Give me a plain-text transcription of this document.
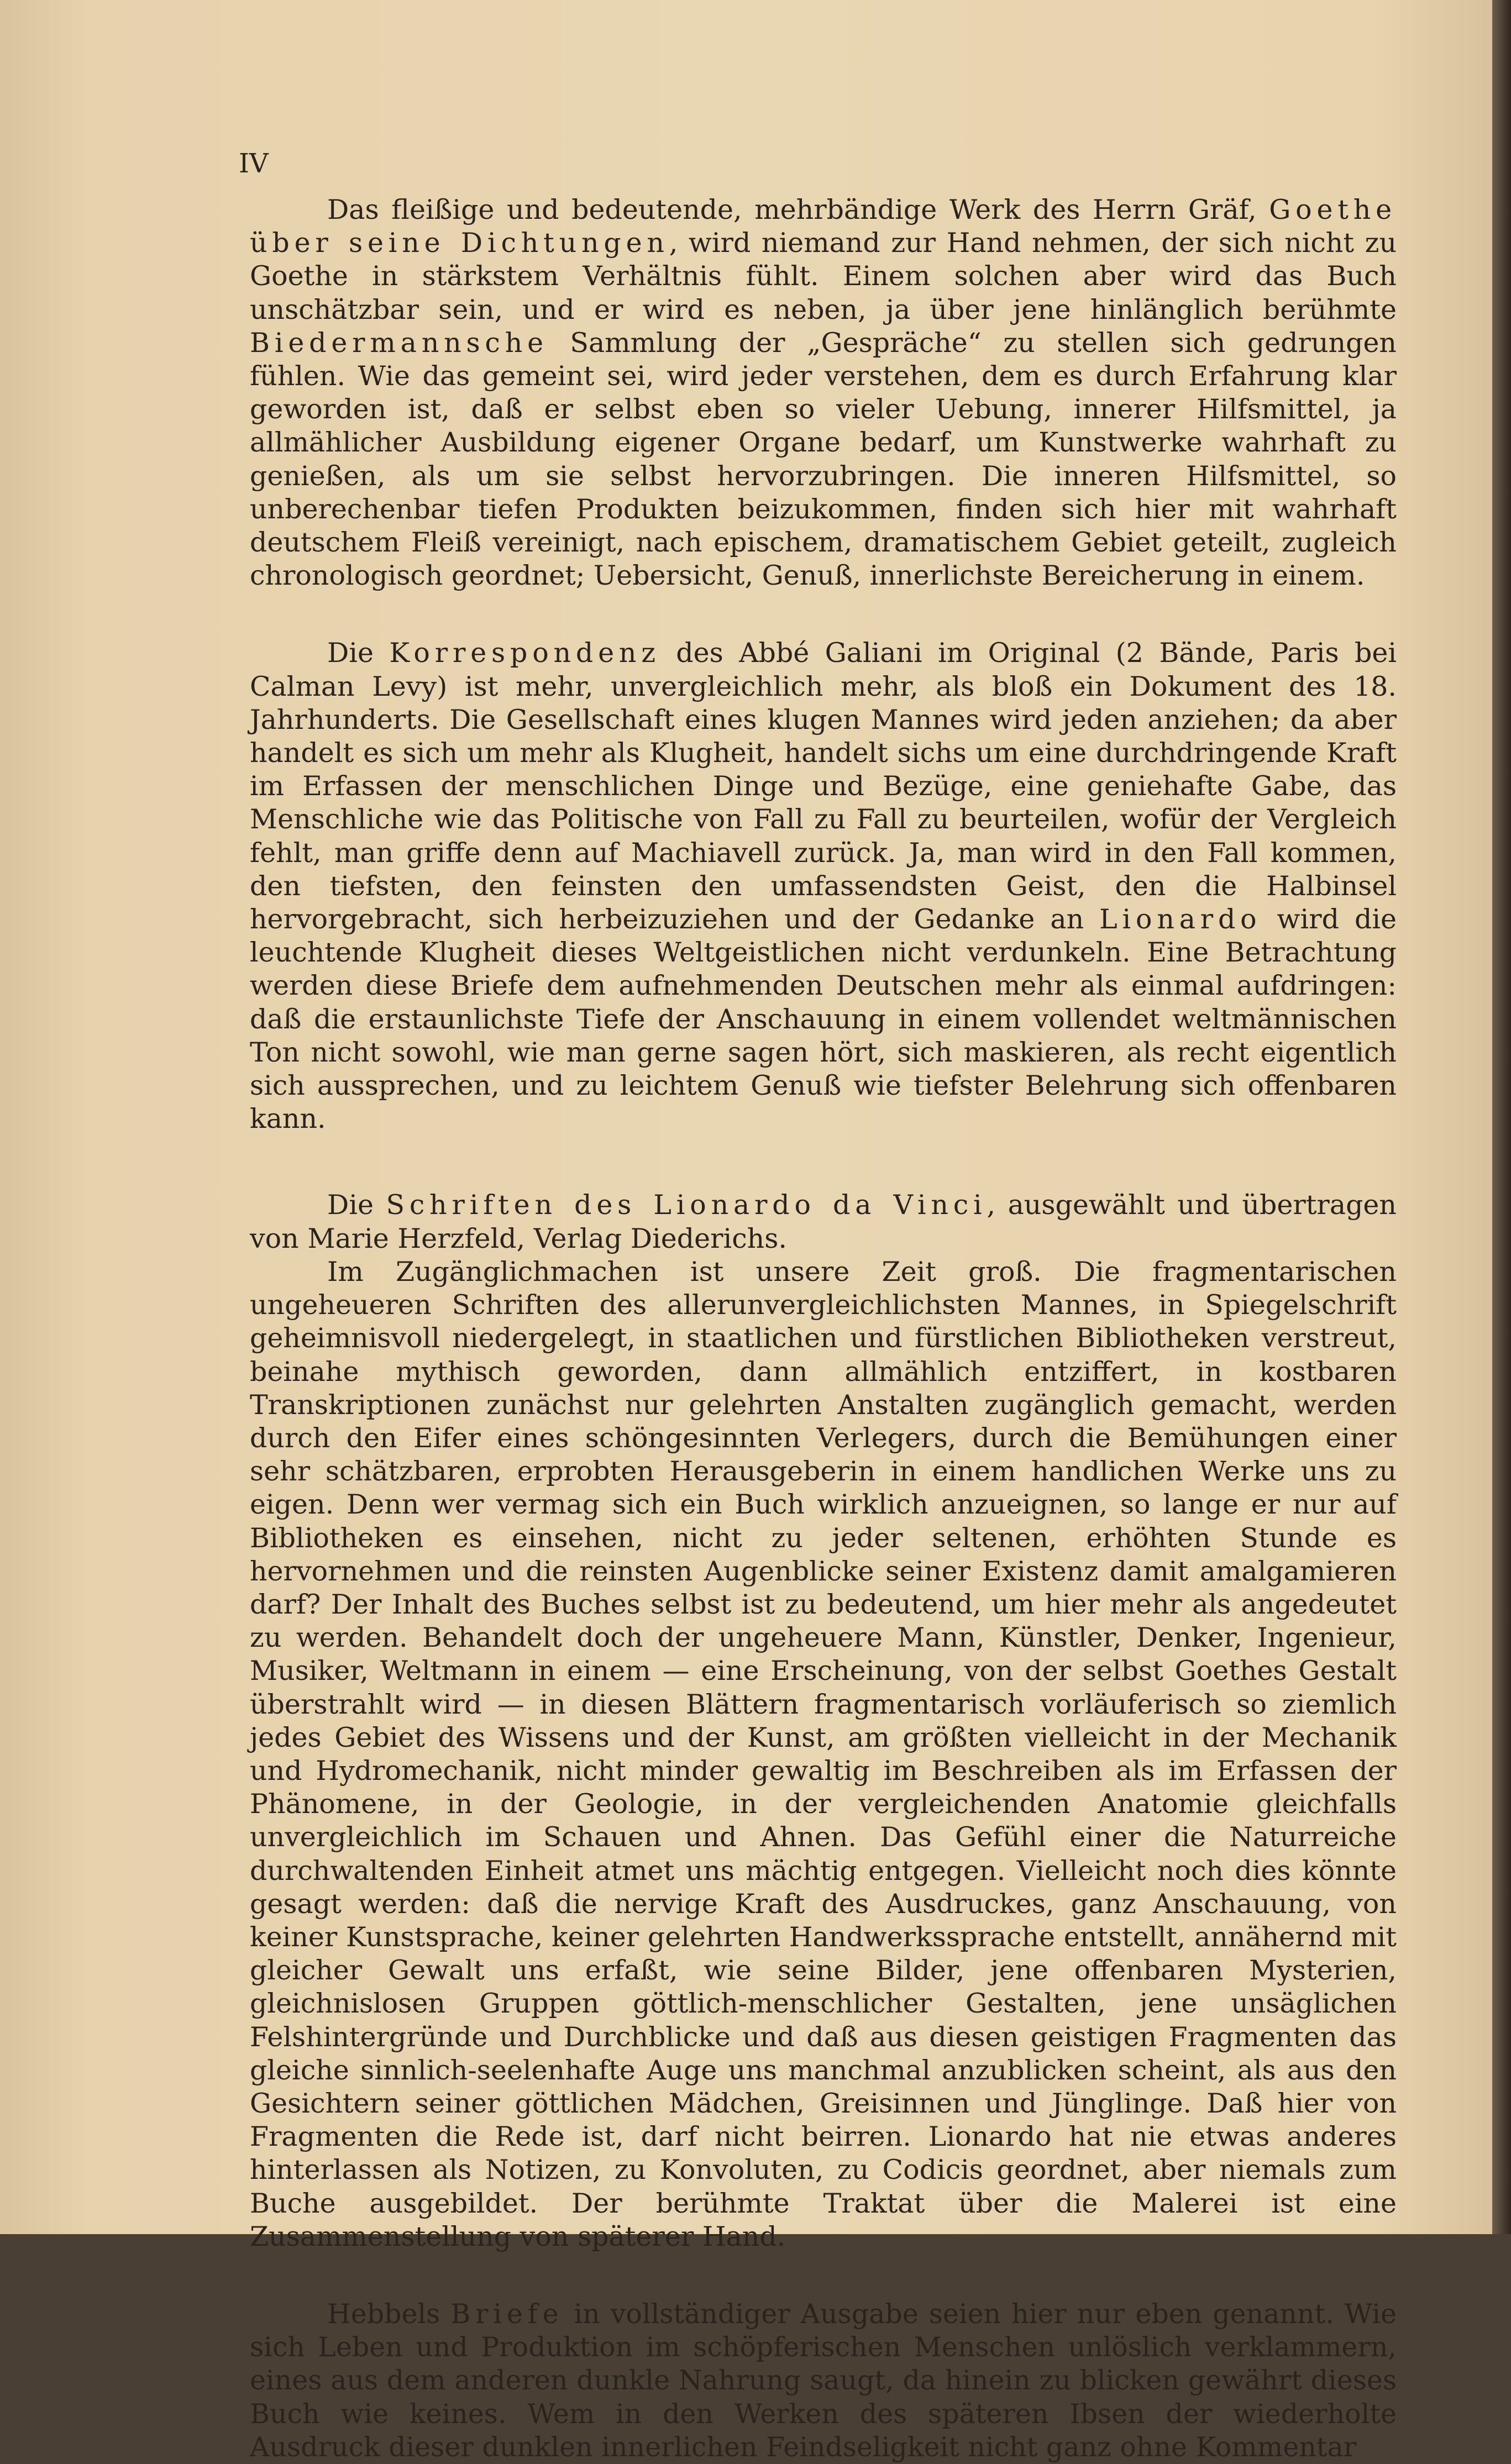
IV

Das fleißige und bedeutende, mehrbändige Werk des Herrn Gräf, Goethe über seine Dichtungen, wird niemand zur Hand nehmen, der sich nicht zu Goethe in stärkstem Verhältnis fühlt. Einem solchen aber wird das Buch unschätzbar sein, und er wird es neben, ja über jene hinlänglich berühmte Biedermannsche Sammlung der „Gespräche“ zu stellen sich gedrungen fühlen. Wie das gemeint sei, wird jeder verstehen, dem es durch Erfahrung klar geworden ist, daß er selbst eben so vieler Uebung, innerer Hilfsmittel, ja allmählicher Ausbildung eigener Organe bedarf, um Kunstwerke wahrhaft zu genießen, als um sie selbst hervorzubringen. Die inneren Hilfsmittel, so unberechenbar tiefen Produkten beizukommen, finden sich hier mit wahrhaft deutschem Fleiß vereinigt, nach epischem, dramatischem Gebiet geteilt, zugleich chronologisch geordnet; Uebersicht, Genuß, innerlichste Bereicherung in einem.

Die Korrespondenz des Abbé Galiani im Original (2 Bände, Paris bei Calman Levy) ist mehr, unvergleichlich mehr, als bloß ein Dokument des 18. Jahrhunderts. Die Gesellschaft eines klugen Mannes wird jeden anziehen; da aber handelt es sich um mehr als Klugheit, handelt sichs um eine durchdringende Kraft im Erfassen der menschlichen Dinge und Bezüge, eine geniehafte Gabe, das Menschliche wie das Politische von Fall zu Fall zu beurteilen, wofür der Vergleich fehlt, man griffe denn auf Machiavell zurück. Ja, man wird in den Fall kommen, den tiefsten, den feinsten den umfassendsten Geist, den die Halbinsel hervorgebracht, sich herbeizuziehen und der Gedanke an Lionardo wird die leuchtende Klugheit dieses Weltgeistlichen nicht verdunkeln. Eine Betrachtung werden diese Briefe dem aufnehmenden Deutschen mehr als einmal aufdringen: daß die erstaunlichste Tiefe der Anschauung in einem vollendet weltmännischen Ton nicht sowohl, wie man gerne sagen hört, sich maskieren, als recht eigentlich sich aussprechen, und zu leichtem Genuß wie tiefster Belehrung sich offenbaren kann.

Die Schriften des Lionardo da Vinci, ausgewählt und übertragen von Marie Herzfeld, Verlag Diederichs.

Im Zugänglichmachen ist unsere Zeit groß. Die fragmentarischen ungeheueren Schriften des allerunvergleichlichsten Mannes, in Spiegelschrift geheimnisvoll niedergelegt, in staatlichen und fürstlichen Bibliotheken verstreut, beinahe mythisch geworden, dann allmählich entziffert, in kostbaren Transkriptionen zunächst nur gelehrten Anstalten zugänglich gemacht, werden durch den Eifer eines schöngesinnten Verlegers, durch die Bemühungen einer sehr schätzbaren, erprobten Herausgeberin in einem handlichen Werke uns zu eigen. Denn wer vermag sich ein Buch wirklich anzueignen, so lange er nur auf Bibliotheken es einsehen, nicht zu jeder seltenen, erhöhten Stunde es hervornehmen und die reinsten Augenblicke seiner Existenz damit amalgamieren darf? Der Inhalt des Buches selbst ist zu bedeutend, um hier mehr als angedeutet zu werden. Behandelt doch der ungeheuere Mann, Künstler, Denker, Ingenieur, Musiker, Weltmann in einem — eine Erscheinung, von der selbst Goethes Gestalt überstrahlt wird — in diesen Blättern fragmentarisch vorläuferisch so ziemlich jedes Gebiet des Wissens und der Kunst, am größten vielleicht in der Mechanik und Hydromechanik, nicht minder gewaltig im Beschreiben als im Erfassen der Phänomene, in der Geologie, in der vergleichenden Anatomie gleichfalls unvergleichlich im Schauen und Ahnen. Das Gefühl einer die Naturreiche durchwaltenden Einheit atmet uns mächtig entgegen. Vielleicht noch dies könnte gesagt werden: daß die nervige Kraft des Ausdruckes, ganz Anschauung, von keiner Kunstsprache, keiner gelehrten Handwerkssprache entstellt, annähernd mit gleicher Gewalt uns erfaßt, wie seine Bilder, jene offenbaren Mysterien, gleichnislosen Gruppen göttlich-menschlicher Gestalten, jene unsäglichen Felshintergründe und Durchblicke und daß aus diesen geistigen Fragmenten das gleiche sinnlich-seelenhafte Auge uns manchmal anzublicken scheint, als aus den Gesichtern seiner göttlichen Mädchen, Greisinnen und Jünglinge. Daß hier von Fragmenten die Rede ist, darf nicht beirren. Lionardo hat nie etwas anderes hinterlassen als Notizen, zu Konvoluten, zu Codicis geordnet, aber niemals zum Buche ausgebildet. Der berühmte Traktat über die Malerei ist eine Zusammenstellung von späterer Hand.

Hebbels Briefe in vollständiger Ausgabe seien hier nur eben genannt. Wie sich Leben und Produktion im schöpferischen Menschen unlöslich verklammern, eines aus dem anderen dunkle Nahrung saugt, da hinein zu blicken gewährt dieses Buch wie keines. Wem in den Werken des späteren Ibsen der wiederholte Ausdruck dieser dunklen innerlichen Feindseligkeit nicht ganz ohne Kommentar
